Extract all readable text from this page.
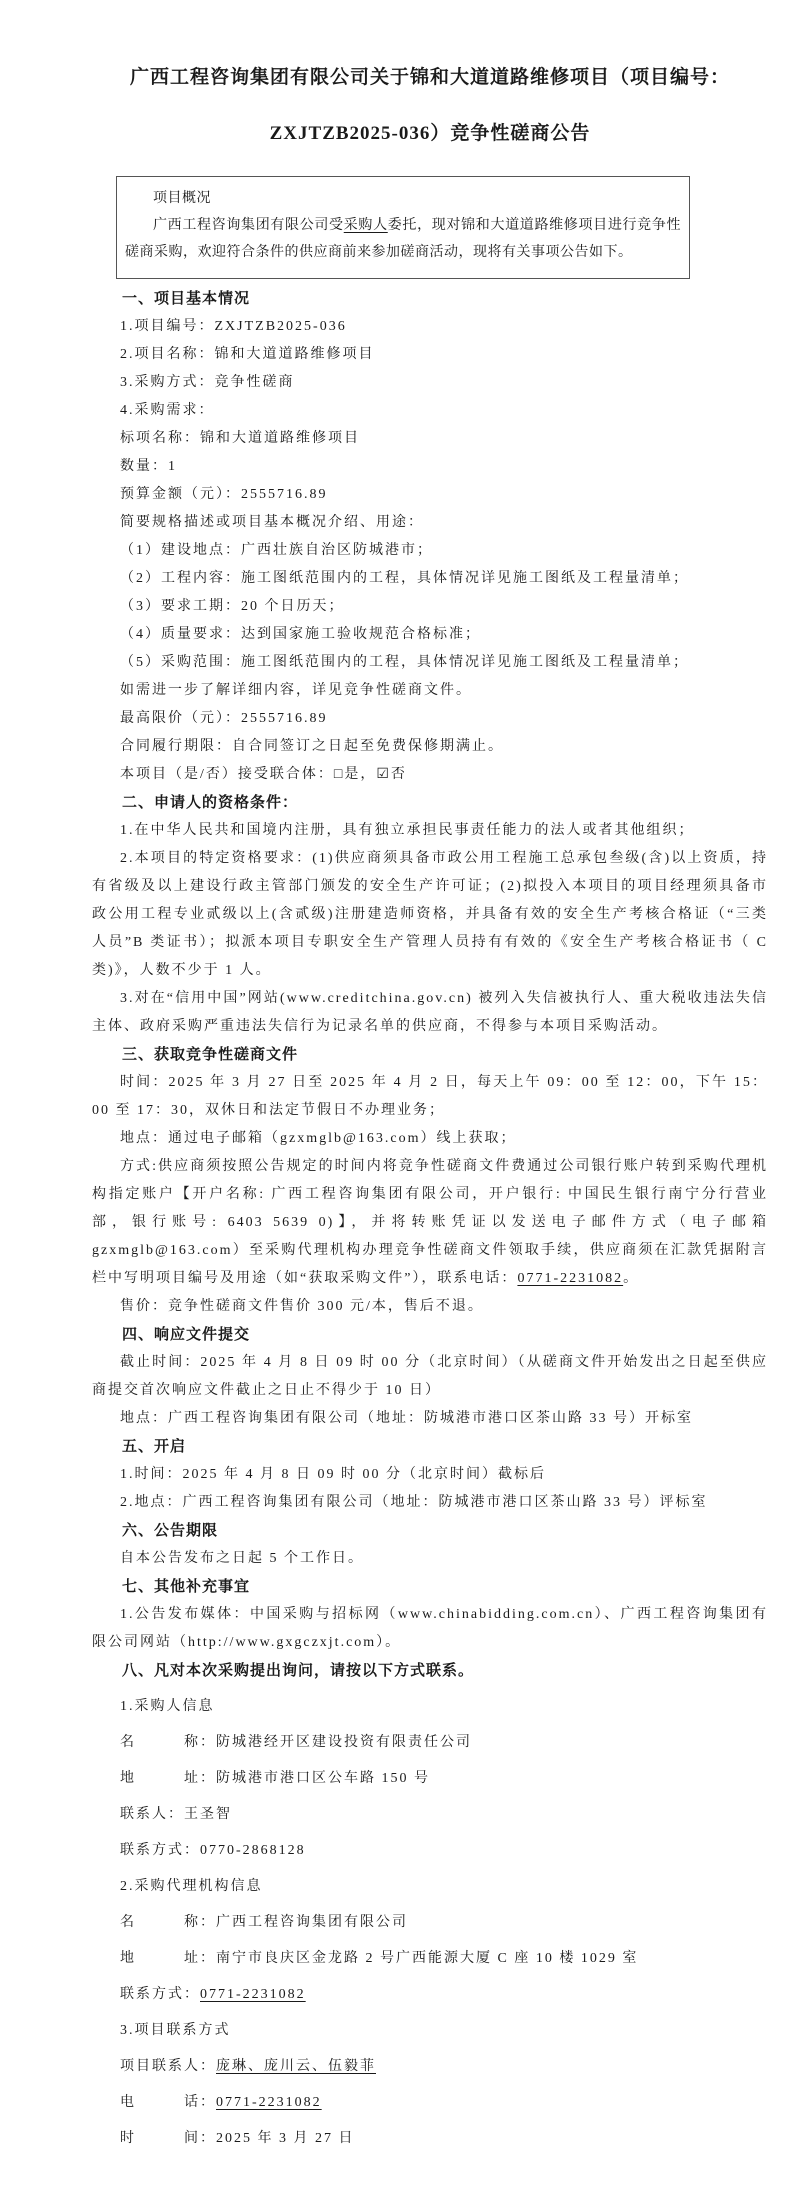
广西工程咨询集团有限公司关于锦和大道道路维修项目（项目编号：
ZXJTZB2025-036）竞争性磋商公告

项目概况

广西工程咨询集团有限公司受采购人委托，现对锦和大道道路维修项目进行竞争性磋商采购，欢迎符合条件的供应商前来参加磋商活动，现将有关事项公告如下。

一、项目基本情况

1.项目编号：ZXJTZB2025-036

2.项目名称：锦和大道道路维修项目

3.采购方式：竞争性磋商

4.采购需求：

标项名称：锦和大道道路维修项目

数量：1

预算金额（元）：2555716.89

简要规格描述或项目基本概况介绍、用途：

（1）建设地点：广西壮族自治区防城港市；

（2）工程内容：施工图纸范围内的工程，具体情况详见施工图纸及工程量清单；

（3）要求工期：20 个日历天；

（4）质量要求：达到国家施工验收规范合格标准；

（5）采购范围：施工图纸范围内的工程，具体情况详见施工图纸及工程量清单；

如需进一步了解详细内容，详见竞争性磋商文件。

最高限价（元）：2555716.89

合同履行期限：自合同签订之日起至免费保修期满止。

本项目（是/否）接受联合体：□是，☑否

二、申请人的资格条件：

1.在中华人民共和国境内注册，具有独立承担民事责任能力的法人或者其他组织；

2.本项目的特定资格要求：(1)供应商须具备市政公用工程施工总承包叁级(含)以上资质，持有省级及以上建设行政主管部门颁发的安全生产许可证；(2)拟投入本项目的项目经理须具备市政公用工程专业贰级以上(含贰级)注册建造师资格，并具备有效的安全生产考核合格证（“三类人员”B 类证书）；拟派本项目专职安全生产管理人员持有有效的《安全生产考核合格证书（ C 类)》，人数不少于 1 人。

3.对在“信用中国”网站(www.creditchina.gov.cn) 被列入失信被执行人、重大税收违法失信主体、政府采购严重违法失信行为记录名单的供应商，不得参与本项目采购活动。

三、获取竞争性磋商文件

时间：2025 年 3 月 27 日至 2025 年 4 月 2 日，每天上午 09：00 至 12：00，下午 15：00 至 17：30，双休日和法定节假日不办理业务；

地点：通过电子邮箱（gzxmglb@163.com）线上获取；

方式:供应商须按照公告规定的时间内将竞争性磋商文件费通过公司银行账户转到采购代理机构指定账户【开户名称: 广西工程咨询集团有限公司，开户银行: 中国民生银行南宁分行营业部，银行账号: 6403 5639 0)】，并将转账凭证以发送电子邮件方式（电子邮箱gzxmglb@163.com）至采购代理机构办理竞争性磋商文件领取手续，供应商须在汇款凭据附言栏中写明项目编号及用途（如“获取采购文件”），联系电话：0771-2231082。

售价：竞争性磋商文件售价 300 元/本，售后不退。

四、响应文件提交

截止时间：2025 年 4 月 8 日 09 时 00 分（北京时间）（从磋商文件开始发出之日起至供应商提交首次响应文件截止之日止不得少于 10 日）

地点：广西工程咨询集团有限公司（地址：防城港市港口区茶山路 33 号）开标室

五、开启

1.时间：2025 年 4 月 8 日 09 时 00 分（北京时间）截标后

2.地点：广西工程咨询集团有限公司（地址：防城港市港口区茶山路 33 号）评标室

六、公告期限

自本公告发布之日起 5 个工作日。

七、其他补充事宜

1.公告发布媒体：中国采购与招标网（www.chinabidding.com.cn）、广西工程咨询集团有限公司网站（http://www.gxgczxjt.com）。

八、凡对本次采购提出询问，请按以下方式联系。

1.采购人信息

名　　　称：防城港经开区建设投资有限责任公司

地　　　址：防城港市港口区公车路 150 号

联系人：王圣智

联系方式：0770-2868128

2.采购代理机构信息

名　　　称：广西工程咨询集团有限公司

地　　　址：南宁市良庆区金龙路 2 号广西能源大厦 C 座 10 楼 1029 室

联系方式：0771-2231082

3.项目联系方式

项目联系人：庞琳、庞川云、伍毅菲

电　　　话：0771-2231082

时　　　间：2025 年 3 月 27 日
